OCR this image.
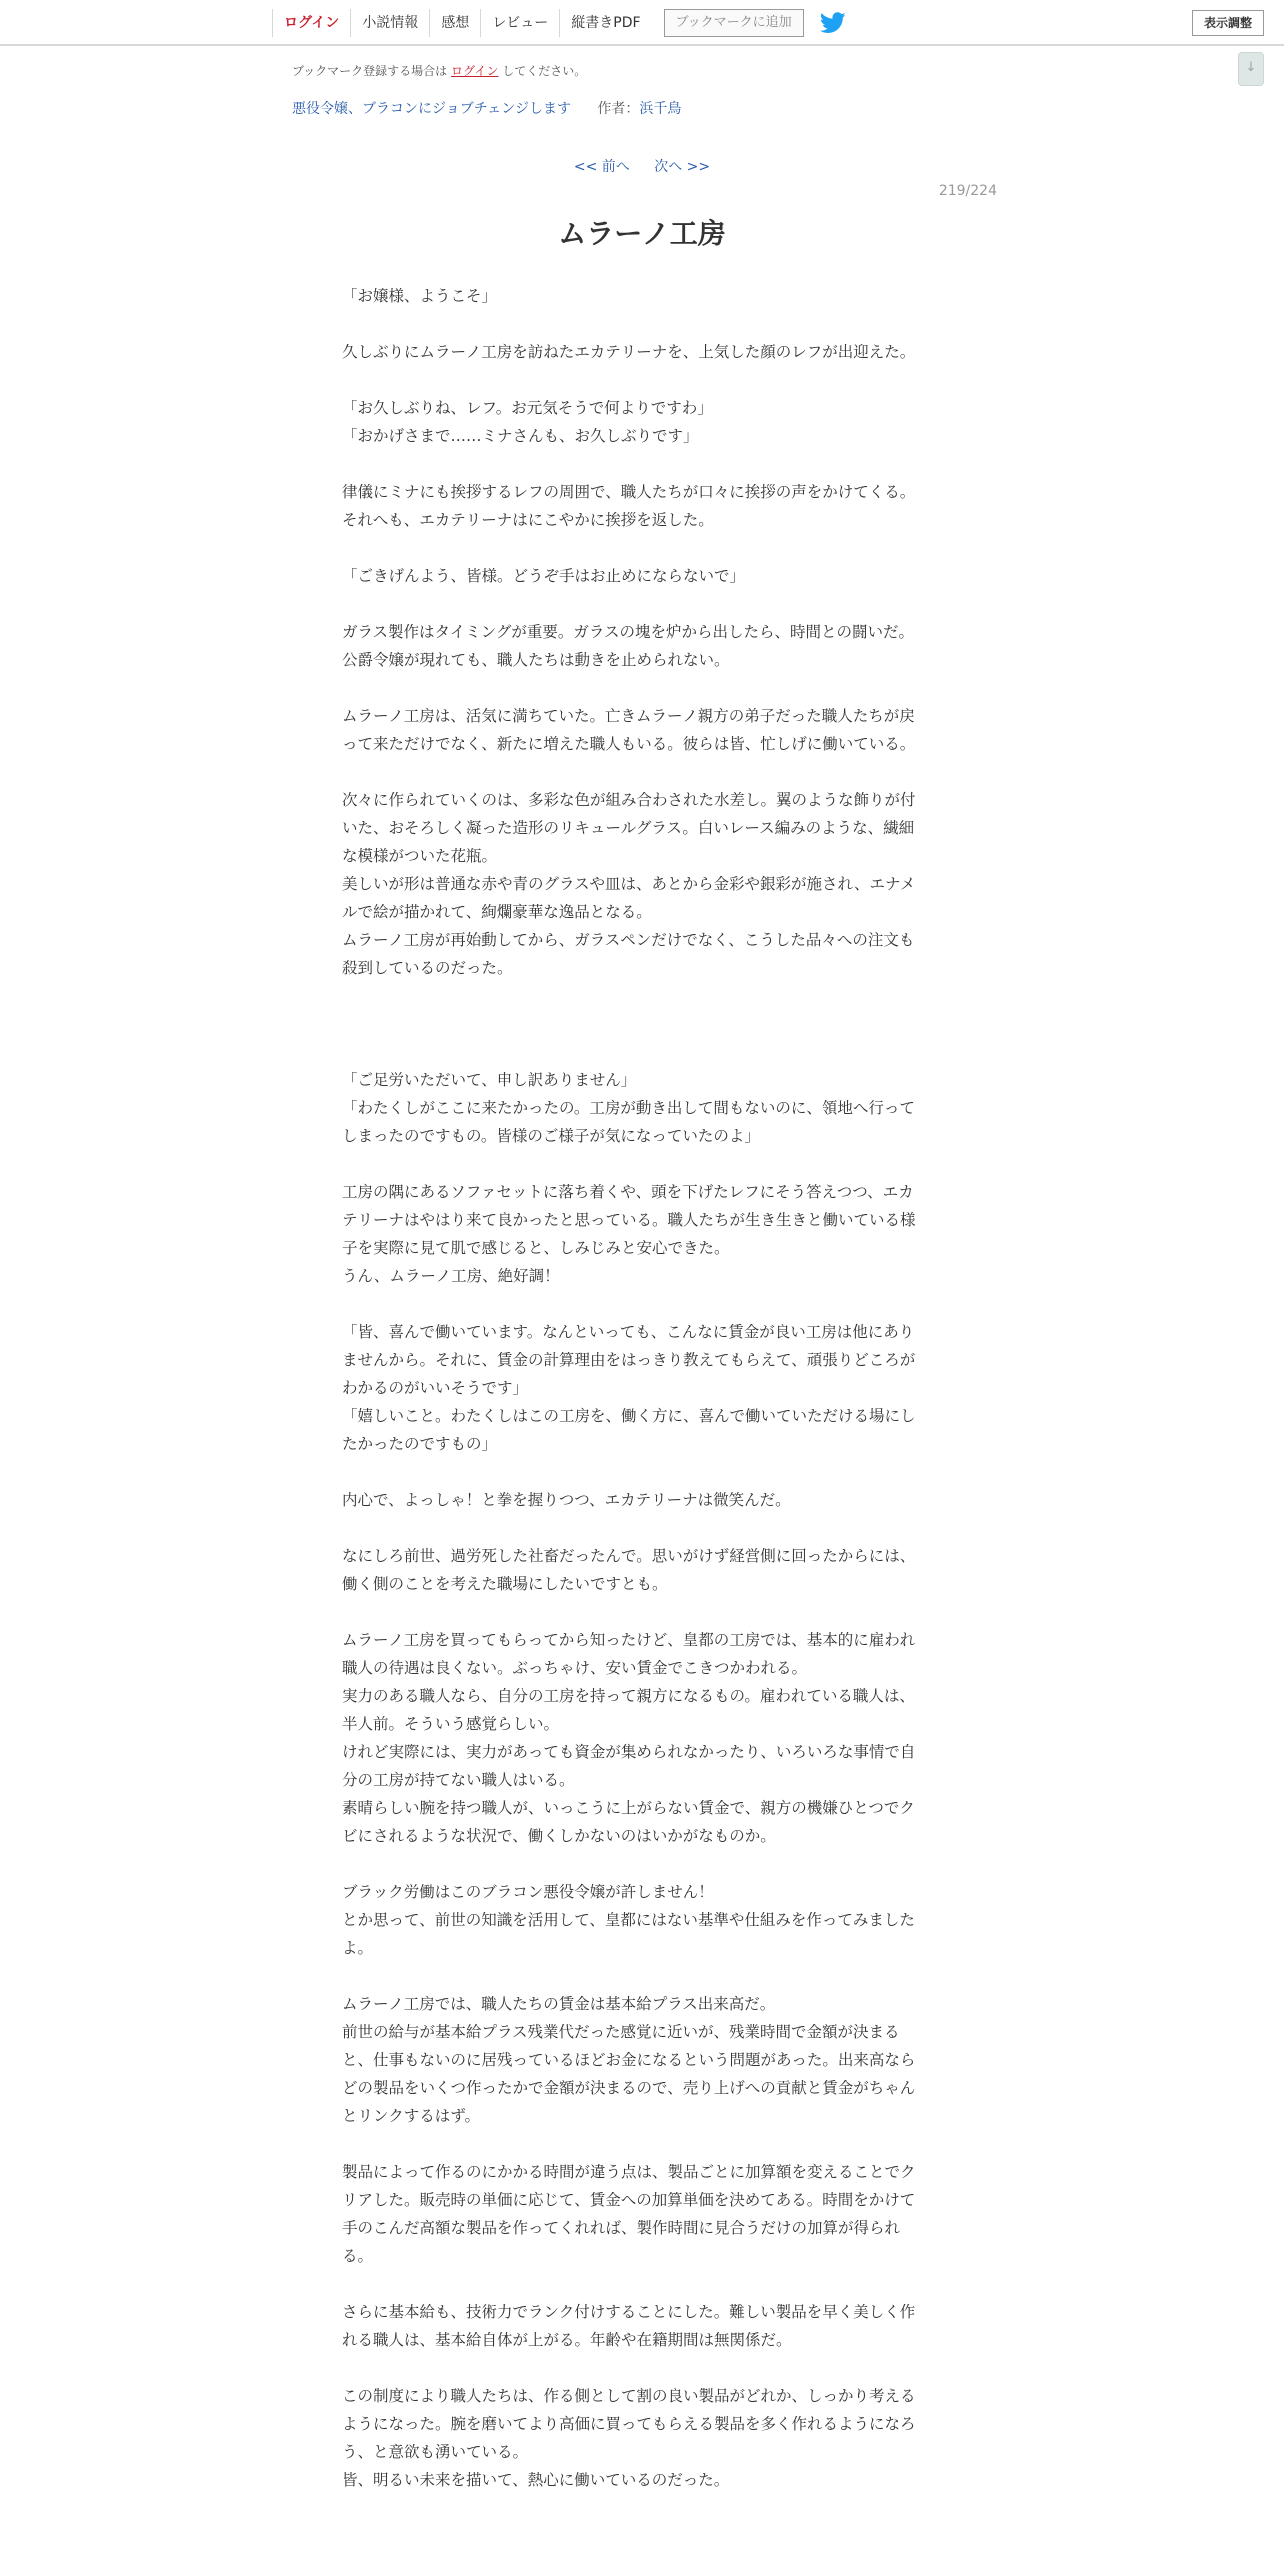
ログイン	小説情報	感想	レビュー	縦書きPDF	ブックマークに追加	表示調整
↓
ブックマーク登録する場合は ログイン してください。
悪役令嬢、ブラコンにジョブチェンジします 作者：浜千鳥
<< 前へ 次へ >>
219/224
ムラーノ工房
「お嬢様、ようこそ」
久しぶりにムラーノ工房を訪ねたエカテリーナを、上気した顔のレフが出迎えた。
「お久しぶりね、レフ。お元気そうで何よりですわ」
「おかげさまで……ミナさんも、お久しぶりです」
律儀にミナにも挨拶するレフの周囲で、職人たちが口々に挨拶の声をかけてくる。
それへも、エカテリーナはにこやかに挨拶を返した。
「ごきげんよう、皆様。どうぞ手はお止めにならないで」
ガラス製作はタイミングが重要。ガラスの塊を炉から出したら、時間との闘いだ。
公爵令嬢が現れても、職人たちは動きを止められない。
ムラーノ工房は、活気に満ちていた。亡きムラーノ親方の弟子だった職人たちが戻
って来ただけでなく、新たに増えた職人もいる。彼らは皆、忙しげに働いている。
次々に作られていくのは、多彩な色が組み合わされた水差し。翼のような飾りが付
いた、おそろしく凝った造形のリキュールグラス。白いレース編みのような、繊細
な模様がついた花瓶。
美しいが形は普通な赤や青のグラスや皿は、あとから金彩や銀彩が施され、エナメ
ルで絵が描かれて、絢爛豪華な逸品となる。
ムラーノ工房が再始動してから、ガラスペンだけでなく、こうした品々への注文も
殺到しているのだった。
「ご足労いただいて、申し訳ありません」
「わたくしがここに来たかったの。工房が動き出して間もないのに、領地へ行って
しまったのですもの。皆様のご様子が気になっていたのよ」
工房の隅にあるソファセットに落ち着くや、頭を下げたレフにそう答えつつ、エカ
テリーナはやはり来て良かったと思っている。職人たちが生き生きと働いている様
子を実際に見て肌で感じると、しみじみと安心できた。
うん、ムラーノ工房、絶好調！
「皆、喜んで働いています。なんといっても、こんなに賃金が良い工房は他にあり
ませんから。それに、賃金の計算理由をはっきり教えてもらえて、頑張りどころが
わかるのがいいそうです」
「嬉しいこと。わたくしはこの工房を、働く方に、喜んで働いていただける場にし
たかったのですもの」
内心で、よっしゃ！と拳を握りつつ、エカテリーナは微笑んだ。
なにしろ前世、過労死した社畜だったんで。思いがけず経営側に回ったからには、
働く側のことを考えた職場にしたいですとも。
ムラーノ工房を買ってもらってから知ったけど、皇都の工房では、基本的に雇われ
職人の待遇は良くない。ぶっちゃけ、安い賃金でこきつかわれる。
実力のある職人なら、自分の工房を持って親方になるもの。雇われている職人は、
半人前。そういう感覚らしい。
けれど実際には、実力があっても資金が集められなかったり、いろいろな事情で自
分の工房が持てない職人はいる。
素晴らしい腕を持つ職人が、いっこうに上がらない賃金で、親方の機嫌ひとつでク
ビにされるような状況で、働くしかないのはいかがなものか。
ブラック労働はこのブラコン悪役令嬢が許しません！
とか思って、前世の知識を活用して、皇都にはない基準や仕組みを作ってみました
よ。
ムラーノ工房では、職人たちの賃金は基本給プラス出来高だ。
前世の給与が基本給プラス残業代だった感覚に近いが、残業時間で金額が決まる
と、仕事もないのに居残っているほどお金になるという問題があった。出来高なら
どの製品をいくつ作ったかで金額が決まるので、売り上げへの貢献と賃金がちゃん
とリンクするはず。
製品によって作るのにかかる時間が違う点は、製品ごとに加算額を変えることでク
リアした。販売時の単価に応じて、賃金への加算単価を決めてある。時間をかけて
手のこんだ高額な製品を作ってくれれば、製作時間に見合うだけの加算が得られ
る。
さらに基本給も、技術力でランク付けすることにした。難しい製品を早く美しく作
れる職人は、基本給自体が上がる。年齢や在籍期間は無関係だ。
この制度により職人たちは、作る側として割の良い製品がどれか、しっかり考える
ようになった。腕を磨いてより高価に買ってもらえる製品を多く作れるようになろ
う、と意欲も湧いている。
皆、明るい未来を描いて、熱心に働いているのだった。
